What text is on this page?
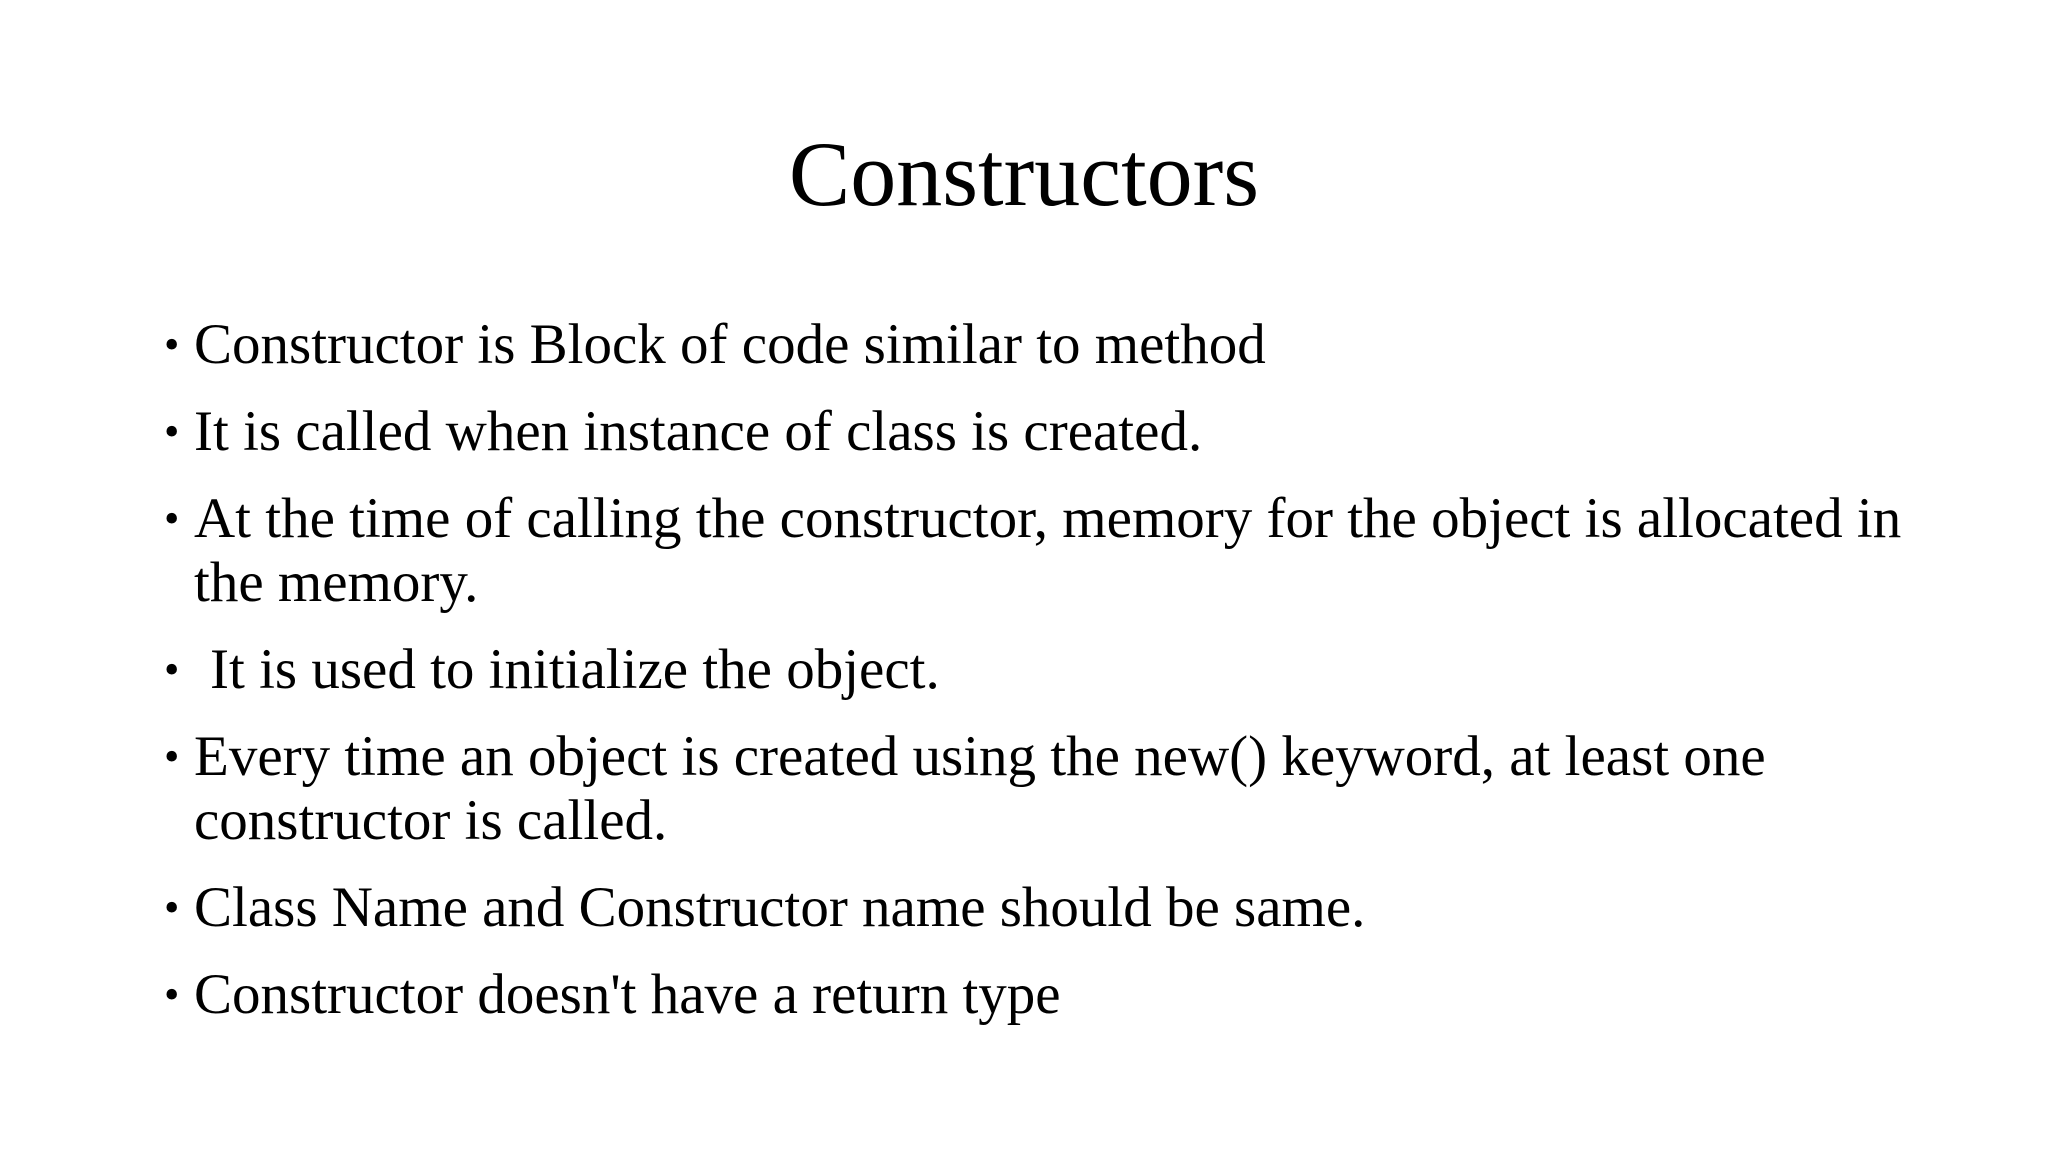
Constructors
• Constructor is Block of code similar to method
• It is called when instance of class is created.
• At the time of calling the constructor, memory for the object is allocated in the memory.
• It is used to initialize the object.
• Every time an object is created using the new() keyword, at least one constructor is called.
• Class Name and Constructor name should be same.
• Constructor doesn't have a return type
